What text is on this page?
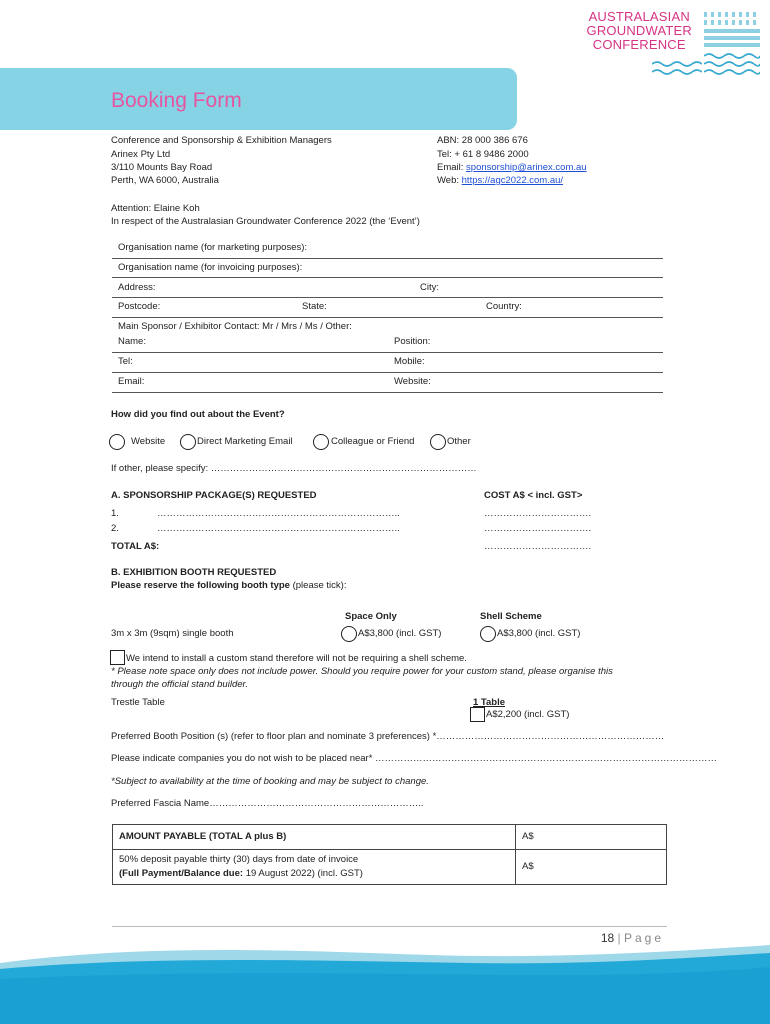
AUSTRALASIAN
GROUNDWATER
CONFERENCE
Booking Form
Conference and Sponsorship & Exhibition Managers
Arinex Pty Ltd
3/110 Mounts Bay Road
Perth, WA 6000, Australia
ABN: 28 000 386 676
Tel: + 61 8 9486 2000
Email: sponsorship@arinex.com.au
Web: https://agc2022.com.au/
Attention: Elaine Koh
In respect of the Australasian Groundwater Conference 2022 (the ‘Event’)
Organisation name (for marketing purposes):
Organisation name (for invoicing purposes):
Address:	City:
Postcode:	State:	Country:
Main Sponsor / Exhibitor Contact: Mr / Mrs / Ms / Other:
Name:	Position:
Tel:	Mobile:
Email:	Website:
How did you find out about the Event?
Website	Direct Marketing Email	Colleague or Friend	Other
If other, please specify: …………………………………………………………………………
A. SPONSORSHIP PACKAGE(S) REQUESTED	COST A$ < incl. GST>
1.	…………………………………………………………………..	…………………………….
2.	…………………………………………………………………..	…………………………….
TOTAL A$:	…………………………….
B. EXHIBITION BOOTH REQUESTED
Please reserve the following booth type (please tick):
Space Only	Shell Scheme
3m x 3m (9sqm) single booth	A$3,800 (incl. GST)	A$3,800 (incl. GST)
We intend to install a custom stand therefore will not be requiring a shell scheme.
* Please note space only does not include power. Should you require power for your custom stand, please organise this
through the official stand builder.
Trestle Table	1 Table
A$2,200 (incl. GST)
Preferred Booth Position (s) (refer to floor plan and nominate 3 preferences) *………………………………………………………………
Please indicate companies you do not wish to be placed near* ………………………………………………………………………………………………
*Subject to availability at the time of booking and may be subject to change.
Preferred Fascia Name…………………………………………………………..
AMOUNT PAYABLE (TOTAL A plus B)	A$

50% deposit payable thirty (30) days from date of invoice
(Full Payment/Balance due: 19 August 2022) (incl. GST)	A$
18 | Page
